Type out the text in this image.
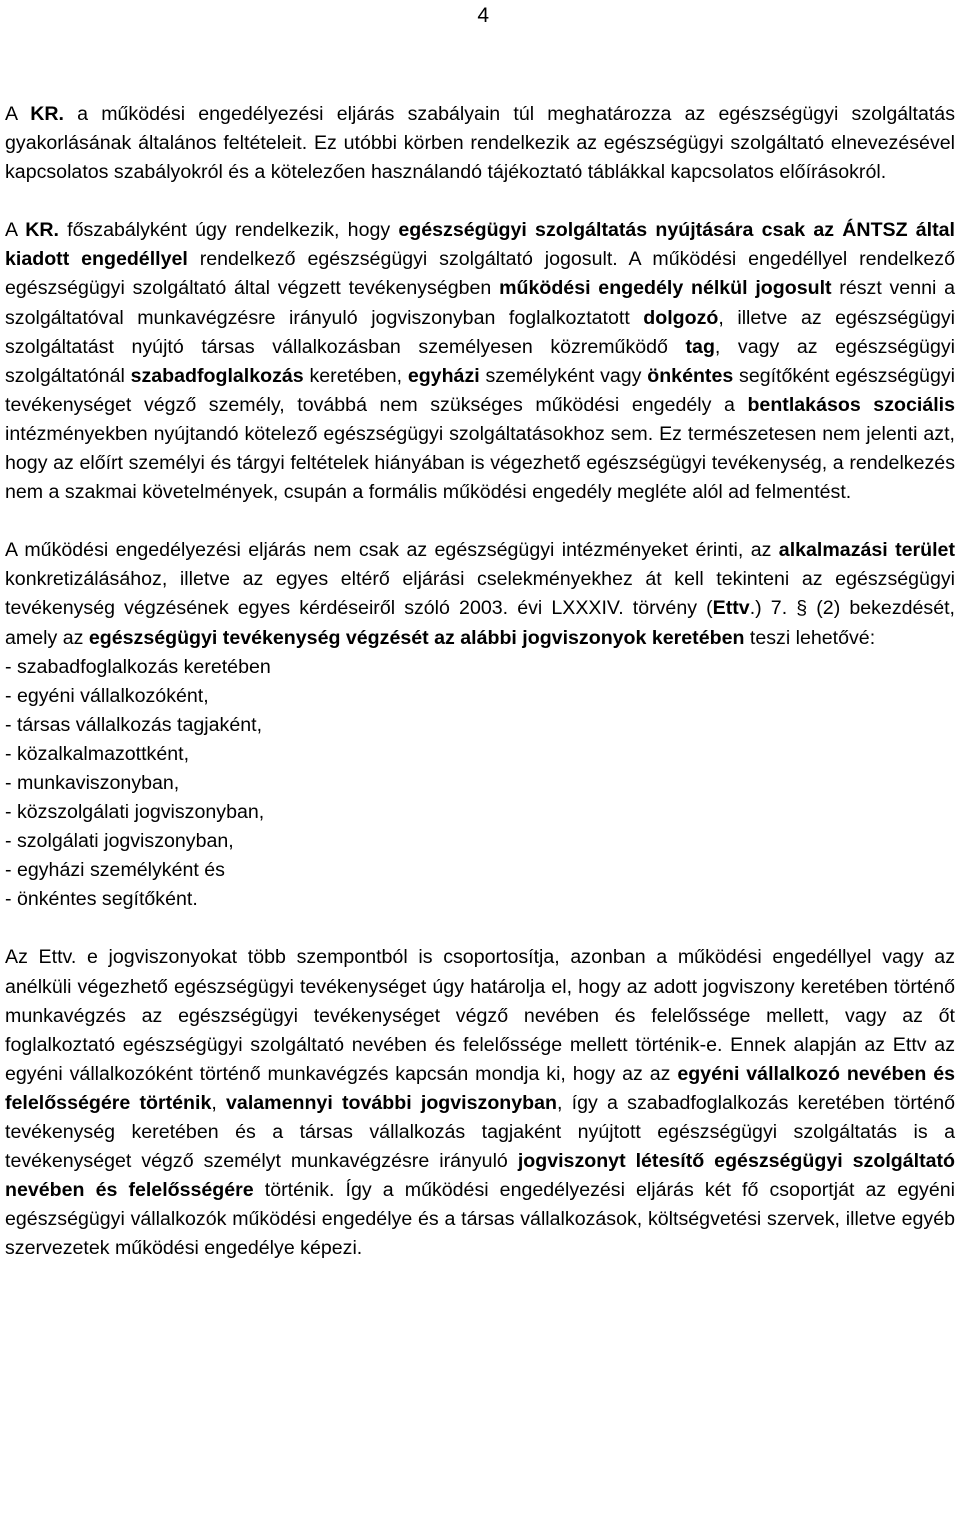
4

A KR. a működési engedélyezési eljárás szabályain túl meghatározza az egészségügyi szolgáltatás gyakorlásának általános feltételeit. Ez utóbbi körben rendelkezik az egészségügyi szolgáltató elnevezésével kapcsolatos szabályokról és a kötelezően használandó tájékoztató táblákkal kapcsolatos előírásokról.

A KR. főszabályként úgy rendelkezik, hogy egészségügyi szolgáltatás nyújtására csak az ÁNTSZ által kiadott engedéllyel rendelkező egészségügyi szolgáltató jogosult. A működési engedéllyel rendelkező egészségügyi szolgáltató által végzett tevékenységben működési engedély nélkül jogosult részt venni a szolgáltatóval munkavégzésre irányuló jogviszonyban foglalkoztatott dolgozó, illetve az egészségügyi szolgáltatást nyújtó társas vállalkozásban személyesen közreműködő tag, vagy az egészségügyi szolgáltatónál szabadfoglalkozás keretében, egyházi személyként vagy önkéntes segítőként egészségügyi tevékenységet végző személy, továbbá nem szükséges működési engedély a bentlakásos szociális intézményekben nyújtandó kötelező egészségügyi szolgáltatásokhoz sem. Ez természetesen nem jelenti azt, hogy az előírt személyi és tárgyi feltételek hiányában is végezhető egészségügyi tevékenység, a rendelkezés nem a szakmai követelmények, csupán a formális működési engedély megléte alól ad felmentést.

A működési engedélyezési eljárás nem csak az egészségügyi intézményeket érinti, az alkalmazási terület konkretizálásához, illetve az egyes eltérő eljárási cselekményekhez át kell tekinteni az egészségügyi tevékenység végzésének egyes kérdéseiről szóló 2003. évi LXXXIV. törvény (Ettv.) 7. § (2) bekezdését, amely az egészségügyi tevékenység végzését az alábbi jogviszonyok keretében teszi lehetővé:

- szabadfoglalkozás keretében
- egyéni vállalkozóként,
- társas vállalkozás tagjaként,
- közalkalmazottként,
- munkaviszonyban,
- közszolgálati jogviszonyban,
- szolgálati jogviszonyban,
- egyházi személyként és
- önkéntes segítőként.

Az Ettv. e jogviszonyokat több szempontból is csoportosítja, azonban a működési engedéllyel vagy az anélküli végezhető egészségügyi tevékenységet úgy határolja el, hogy az adott jogviszony keretében történő munkavégzés az egészségügyi tevékenységet végző nevében és felelőssége mellett, vagy az őt foglalkoztató egészségügyi szolgáltató nevében és felelőssége mellett történik-e. Ennek alapján az Ettv az egyéni vállalkozóként történő munkavégzés kapcsán mondja ki, hogy az az egyéni vállalkozó nevében és felelősségére történik, valamennyi további jogviszonyban, így a szabadfoglalkozás keretében történő tevékenység keretében és a társas vállalkozás tagjaként nyújtott egészségügyi szolgáltatás is a tevékenységet végző személyt munkavégzésre irányuló jogviszonyt létesítő egészségügyi szolgáltató nevében és felelősségére történik. Így a működési engedélyezési eljárás két fő csoportját az egyéni egészségügyi vállalkozók működési engedélye és a társas vállalkozások, költségvetési szervek, illetve egyéb szervezetek működési engedélye képezi.
